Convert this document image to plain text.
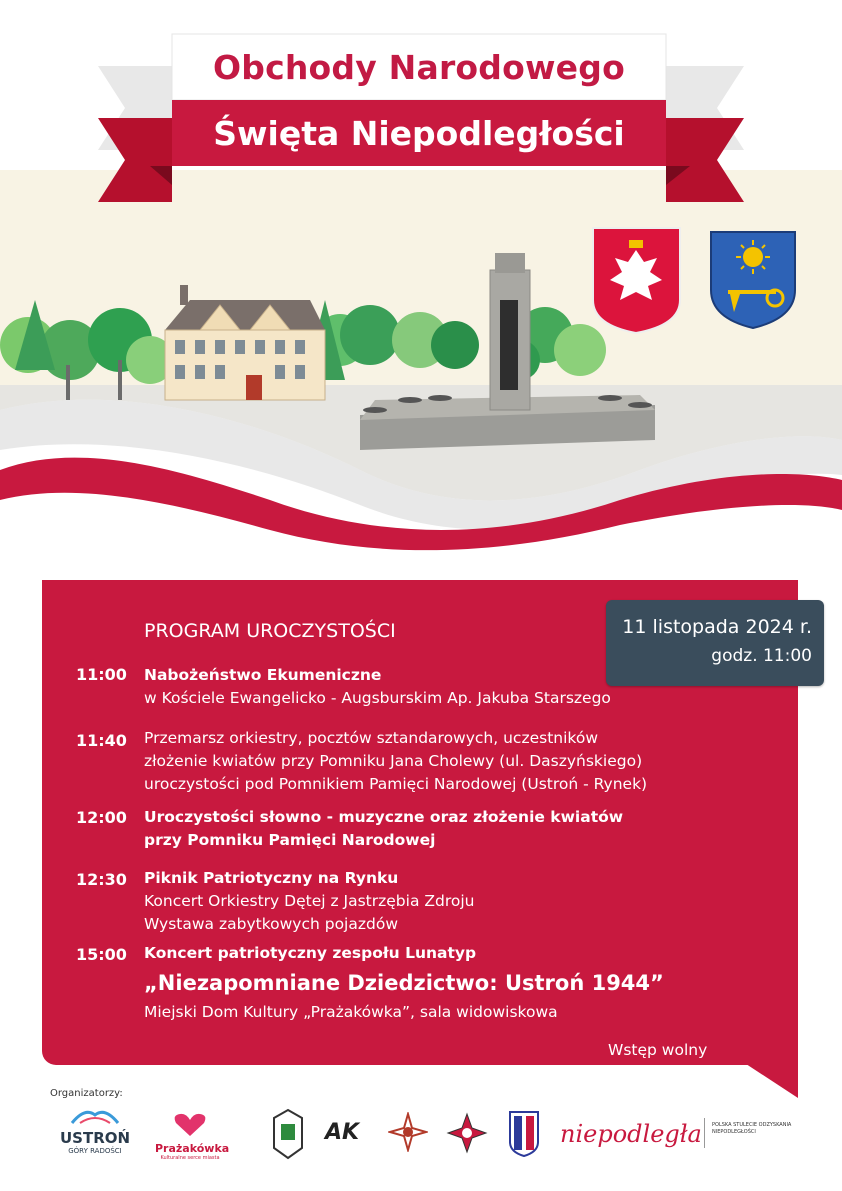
Obchody Narodowego
Święta Niepodległości
PROGRAM UROCZYSTOŚCI	11 listopada 2024 r.
godz. 11:00
11:00 Nabożeństwo Ekumeniczne
w Kościele Ewangelicko - Augsburskim Ap. Jakuba Starszego
11:40 Przemarsz orkiestry, pocztów sztandarowych, uczestników
złożenie kwiatów przy Pomniku Jana Cholewy (ul. Daszyńskiego)
uroczystości pod Pomnikiem Pamięci Narodowej (Ustroń - Rynek)
12:00 Uroczystości słowno - muzyczne oraz złożenie kwiatów
przy Pomniku Pamięci Narodowej
12:30 Piknik Patriotyczny na Rynku
Koncert Orkiestry Dętej z Jastrzębia Zdroju
Wystawa zabytkowych pojazdów
15:00 Koncert patriotyczny zespołu Lunatyp
„Niezapomniane Dziedzictwo: Ustroń 1944”
Miejski Dom Kultury „Prażakówka”, sala widowiskowa
Wstęp wolny
Organizatorzy:
USTROŃ
GÓRY RADOŚCI	Prażakówka
Kulturalne serce miasta
AK	niepodległa POLSKA STULECIE ODZYSKANIA NIEPODLEGŁOŚCI
